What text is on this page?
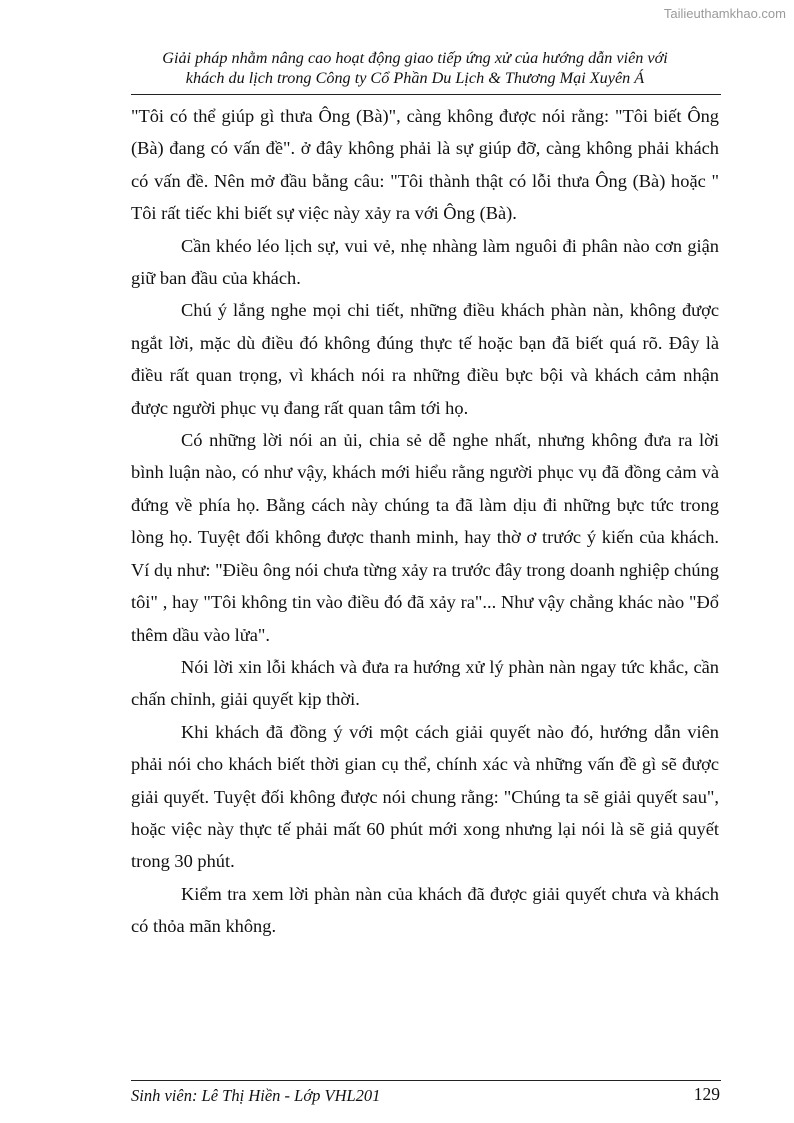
Tailieuthamkhao.com
Giải pháp nhằm nâng cao hoạt động giao tiếp ứng xử của hướng dẫn viên với
khách du lịch trong Công ty Cổ Phần Du Lịch & Thương Mại Xuyên Á

"Tôi có thể giúp gì thưa Ông (Bà)", càng không được nói rằng: "Tôi biết Ông (Bà) đang có vấn đề". ở đây không phải là sự giúp đỡ, càng không phải khách có vấn đề. Nên mở đầu bằng câu: "Tôi thành thật có lỗi thưa Ông (Bà) hoặc " Tôi rất tiếc khi biết sự việc này xảy ra với Ông (Bà).

Cần khéo léo lịch sự, vui vẻ, nhẹ nhàng làm nguôi đi phân nào cơn giận giữ ban đầu của khách.

Chú ý lắng nghe mọi chi tiết, những điều khách phàn nàn, không được ngắt lời, mặc dù điều đó không đúng thực tế hoặc bạn đã biết quá rõ. Đây là điều rất quan trọng, vì khách nói ra những điều bực bội và khách cảm nhận được người phục vụ đang rất quan tâm tới họ.

Có những lời nói an ủi, chia sẻ dễ nghe nhất, nhưng không đưa ra lời bình luận nào, có như vậy, khách mới hiểu rằng người phục vụ đã đồng cảm và đứng về phía họ. Bằng cách này chúng ta đã làm dịu đi những bực tức trong lòng họ. Tuyệt đối không được thanh minh, hay thờ ơ trước ý kiến của khách. Ví dụ như: "Điều ông nói chưa từng xảy ra trước đây trong doanh nghiệp chúng tôi" , hay "Tôi không tin vào điều đó đã xảy ra"... Như vậy chẳng khác nào "Đổ thêm dầu vào lửa".

Nói lời xin lỗi khách và đưa ra hướng xử lý phàn nàn ngay tức khắc, cần chấn chỉnh, giải quyết kịp thời.

Khi khách đã đồng ý với một cách giải quyết nào đó, hướng dẫn viên phải nói cho khách biết thời gian cụ thể, chính xác và những vấn đề gì sẽ được giải quyết. Tuyệt đối không được nói chung rằng: "Chúng ta sẽ giải quyết sau", hoặc việc này thực tế phải mất 60 phút mới xong nhưng lại nói là sẽ giả quyết trong 30 phút.

Kiểm tra xem lời phàn nàn của khách đã được giải quyết chưa và khách có thỏa mãn không.

Sinh viên: Lê Thị Hiền - Lớp VHL201	129
